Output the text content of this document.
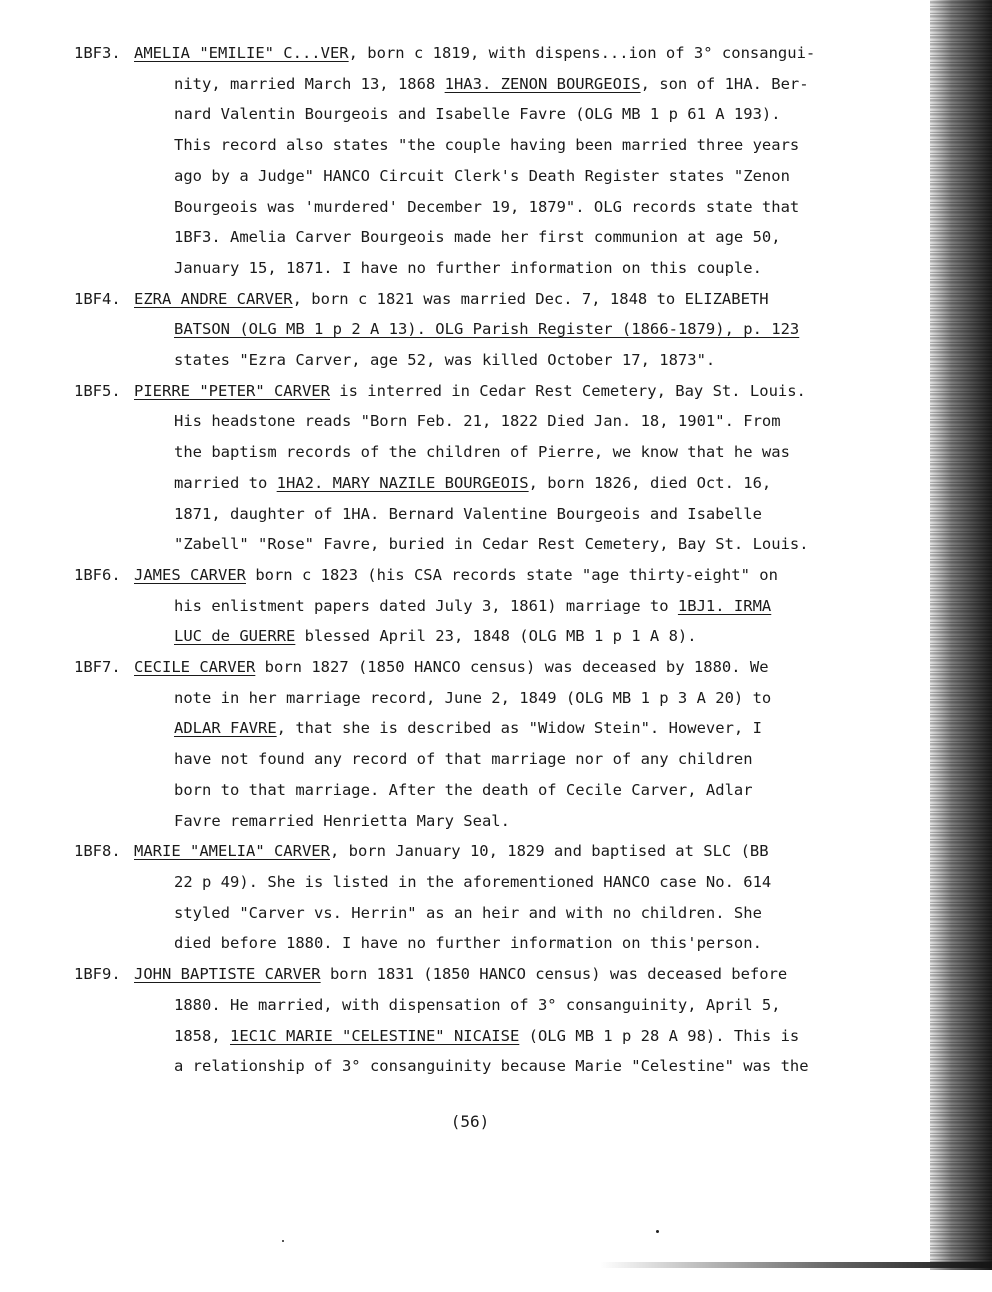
1BF3. AMELIA "EMILIE" C...VER, born c 1819, with dispens...ion of 3° consangui-
nity, married March 13, 1868 1HA3. ZENON BOURGEOIS, son of 1HA. Ber-
nard Valentin Bourgeois and Isabelle Favre (OLG MB 1 p 61 A 193).
This record also states "the couple having been married three years
ago by a Judge" HANCO Circuit Clerk's Death Register states "Zenon
Bourgeois was 'murdered' December 19, 1879". OLG records state that
1BF3. Amelia Carver Bourgeois made her first communion at age 50,
January 15, 1871. I have no further information on this couple.
1BF4. EZRA ANDRE CARVER, born c 1821 was married Dec. 7, 1848 to ELIZABETH
BATSON (OLG MB 1 p 2 A 13). OLG Parish Register (1866-1879), p. 123
states "Ezra Carver, age 52, was killed October 17, 1873".
1BF5. PIERRE "PETER" CARVER is interred in Cedar Rest Cemetery, Bay St. Louis.
His headstone reads "Born Feb. 21, 1822 Died Jan. 18, 1901". From
the baptism records of the children of Pierre, we know that he was
married to 1HA2. MARY NAZILE BOURGEOIS, born 1826, died Oct. 16,
1871, daughter of 1HA. Bernard Valentine Bourgeois and Isabelle
"Zabell" "Rose" Favre, buried in Cedar Rest Cemetery, Bay St. Louis.
1BF6. JAMES CARVER born c 1823 (his CSA records state "age thirty-eight" on
his enlistment papers dated July 3, 1861) marriage to 1BJ1. IRMA
LUC de GUERRE blessed April 23, 1848 (OLG MB 1 p 1 A 8).
1BF7. CECILE CARVER born 1827 (1850 HANCO census) was deceased by 1880. We
note in her marriage record, June 2, 1849 (OLG MB 1 p 3 A 20) to
ADLAR FAVRE, that she is described as "Widow Stein". However, I
have not found any record of that marriage nor of any children
born to that marriage. After the death of Cecile Carver, Adlar
Favre remarried Henrietta Mary Seal.
1BF8. MARIE "AMELIA" CARVER, born January 10, 1829 and baptised at SLC (BB
22 p 49). She is listed in the aforementioned HANCO case No. 614
styled "Carver vs. Herrin" as an heir and with no children. She
died before 1880. I have no further information on this'person.
1BF9. JOHN BAPTISTE CARVER born 1831 (1850 HANCO census) was deceased before
1880. He married, with dispensation of 3° consanguinity, April 5,
1858, 1EC1C MARIE "CELESTINE" NICAISE (OLG MB 1 p 28 A 98). This is
a relationship of 3° consanguinity because Marie "Celestine" was the
(56)
